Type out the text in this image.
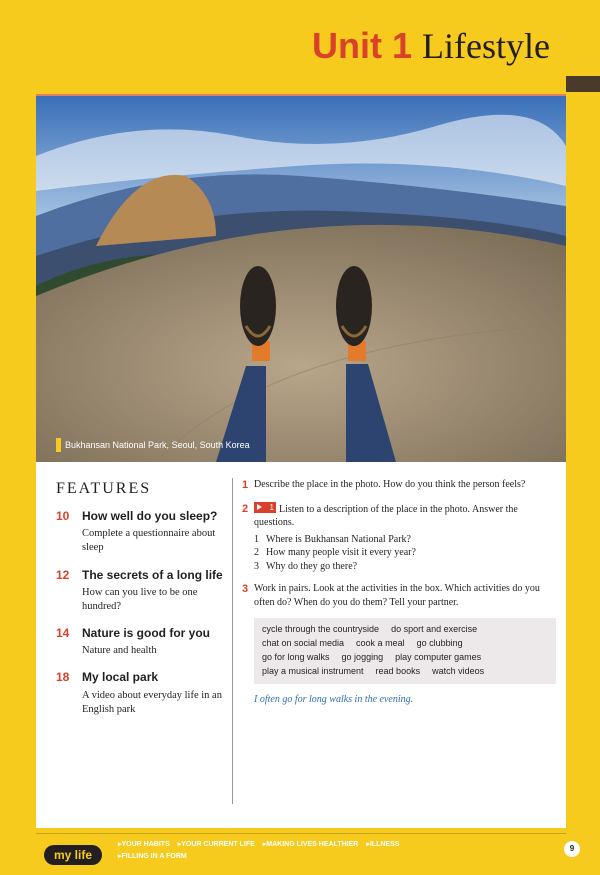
Unit 1 Lifestyle
Bukhansan National Park, Seoul, South Korea
FEATURES
10	How well do you sleep?
Complete a questionnaire about sleep
12	The secrets of a long life
How can you live to be one hundred?
14	Nature is good for you
Nature and health
18	My local park
A video about everyday life in an English park
1 Describe the place in the photo. How do you think the person feels?
2	1 Listen to a description of the place in the photo. Answer the questions.
1 Where is Bukhansan National Park?
2 How many people visit it every year?
3 Why do they go there?
3 Work in pairs. Look at the activities in the box. Which activities do you often do? When do you do them? Tell your partner.
cycle through the countryside do sport and exercise
chat on social media cook a meal go clubbing
go for long walks go jogging play computer games
play a musical instrument read books watch videos
I often go for long walks in the evening.
my life
▸ YOUR HABITS ▸ YOUR CURRENT LIFE ▸ MAKING LIVES HEALTHIER ▸ ILLNESS
▸ FILLING IN A FORM
9
